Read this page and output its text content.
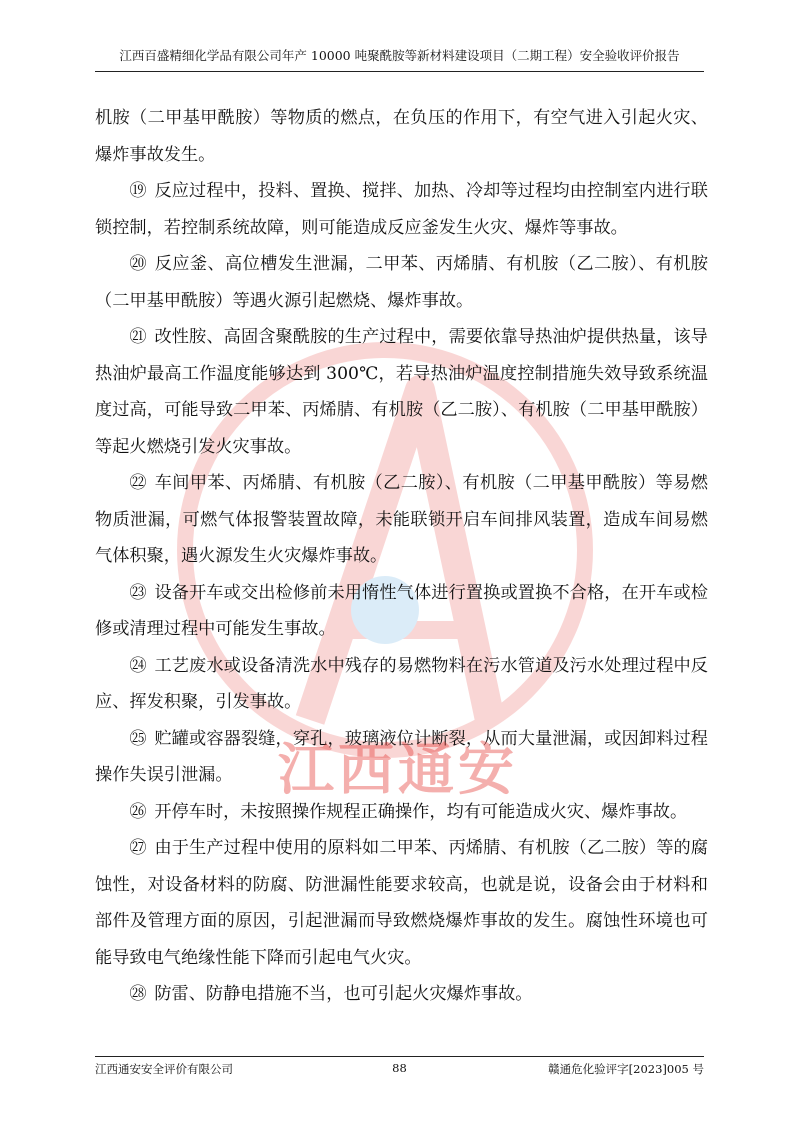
江西百盛精细化学品有限公司年产 10000 吨聚酰胺等新材料建设项目（二期工程）安全验收评价报告

机胺（二甲基甲酰胺）等物质的燃点，在负压的作用下，有空气进入引起火灾、爆炸事故发生。

⑲ 反应过程中，投料、置换、搅拌、加热、冷却等过程均由控制室内进行联锁控制，若控制系统故障，则可能造成反应釜发生火灾、爆炸等事故。

⑳ 反应釜、高位槽发生泄漏，二甲苯、丙烯腈、有机胺（乙二胺）、有机胺（二甲基甲酰胺）等遇火源引起燃烧、爆炸事故。

㉑ 改性胺、高固含聚酰胺的生产过程中，需要依靠导热油炉提供热量，该导热油炉最高工作温度能够达到 300℃，若导热油炉温度控制措施失效导致系统温度过高，可能导致二甲苯、丙烯腈、有机胺（乙二胺）、有机胺（二甲基甲酰胺）等起火燃烧引发火灾事故。

㉒ 车间甲苯、丙烯腈、有机胺（乙二胺）、有机胺（二甲基甲酰胺）等易燃物质泄漏，可燃气体报警装置故障，未能联锁开启车间排风装置，造成车间易燃气体积聚，遇火源发生火灾爆炸事故。

㉓ 设备开车或交出检修前未用惰性气体进行置换或置换不合格，在开车或检修或清理过程中可能发生事故。

㉔ 工艺废水或设备清洗水中残存的易燃物料在污水管道及污水处理过程中反应、挥发积聚，引发事故。

㉕ 贮罐或容器裂缝，穿孔，玻璃液位计断裂，从而大量泄漏，或因卸料过程操作失误引泄漏。

㉖ 开停车时，未按照操作规程正确操作，均有可能造成火灾、爆炸事故。

㉗ 由于生产过程中使用的原料如二甲苯、丙烯腈、有机胺（乙二胺）等的腐蚀性，对设备材料的防腐、防泄漏性能要求较高，也就是说，设备会由于材料和部件及管理方面的原因，引起泄漏而导致燃烧爆炸事故的发生。腐蚀性环境也可能导致电气绝缘性能下降而引起电气火灾。

㉘ 防雷、防静电措施不当，也可引起火灾爆炸事故。

江西通安
江西通安安全评价有限公司	88	赣通危化验评字[2023]005 号
